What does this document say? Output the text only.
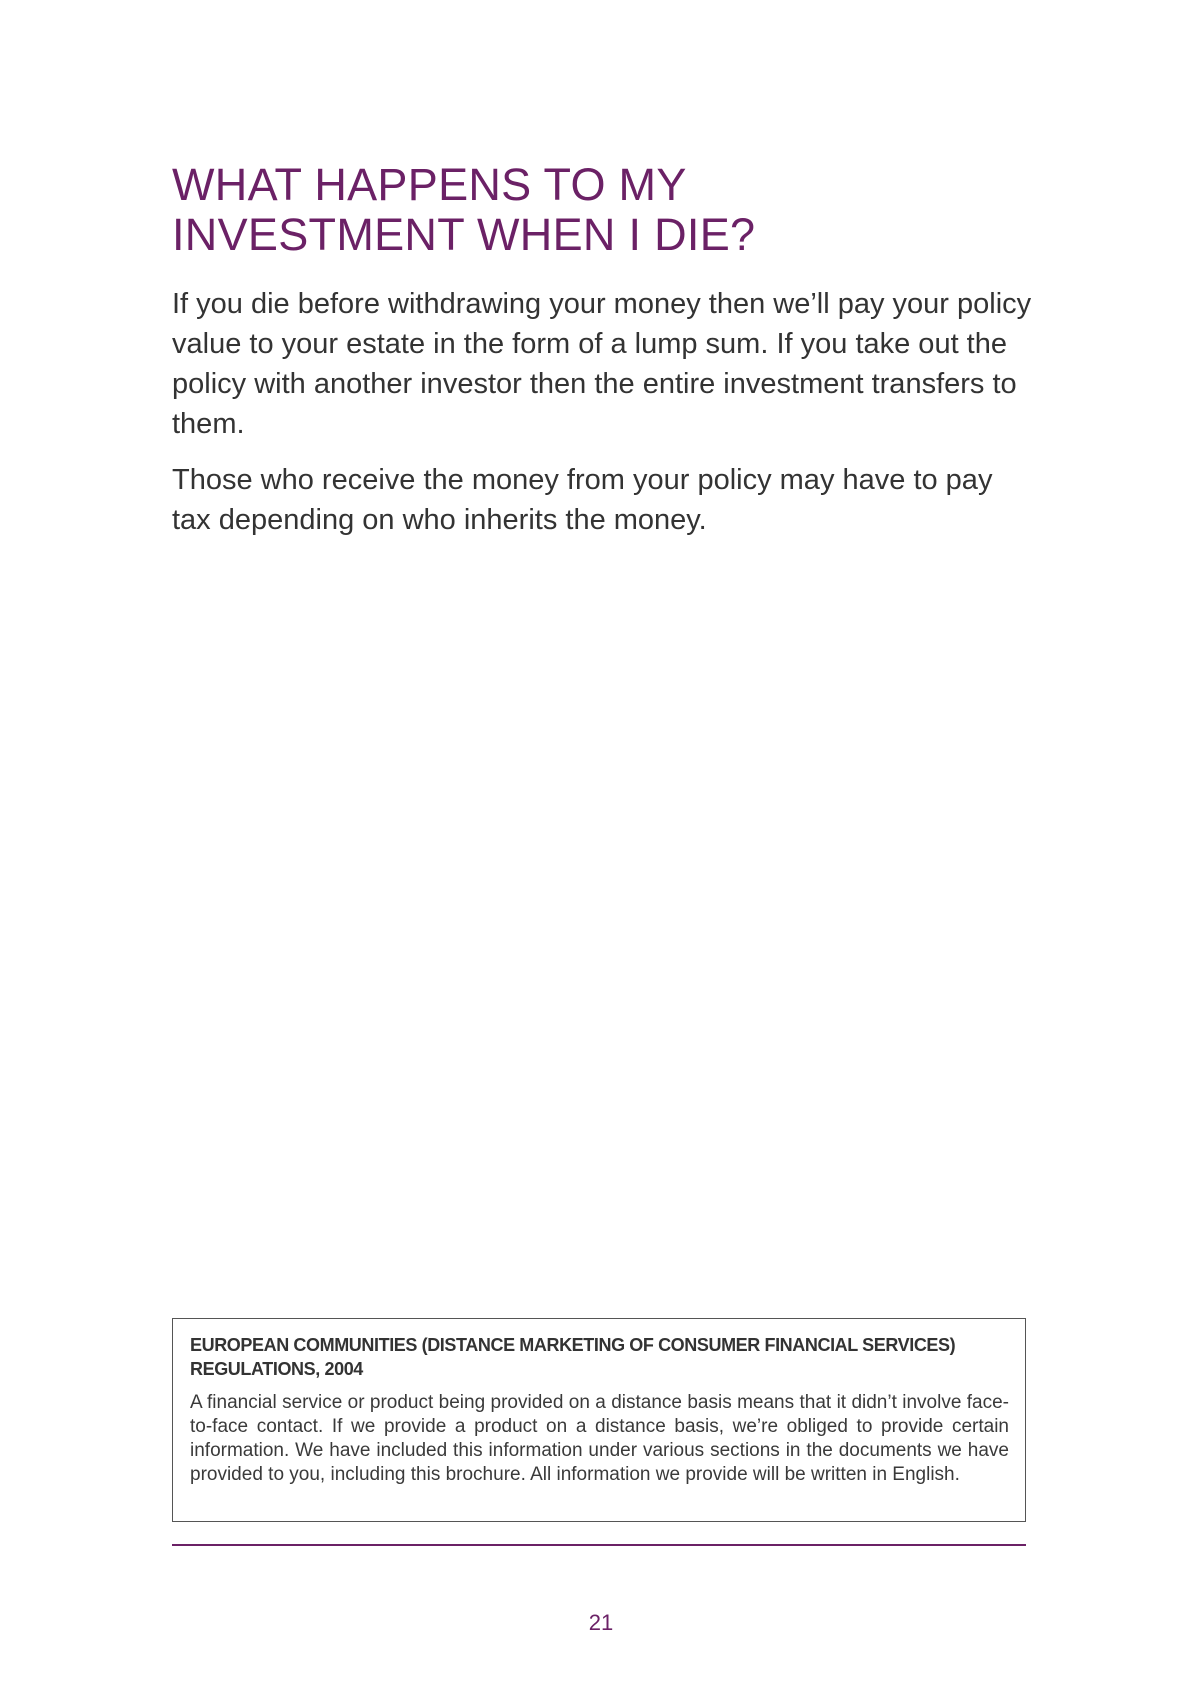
WHAT HAPPENS TO MY
INVESTMENT WHEN I DIE?

If you die before withdrawing your money then we’ll pay your policy value to your estate in the form of a lump sum. If you take out the policy with another investor then the entire investment transfers to them.

Those who receive the money from your policy may have to pay tax depending on who inherits the money.

EUROPEAN COMMUNITIES (DISTANCE MARKETING OF CONSUMER FINANCIAL SERVICES) REGULATIONS, 2004

A financial service or product being provided on a distance basis means that it didn’t involve face-to-face contact. If we provide a product on a distance basis, we’re obliged to provide certain information. We have included this information under various sections in the documents we have provided to you, including this brochure. All information we provide will be written in English.

21
